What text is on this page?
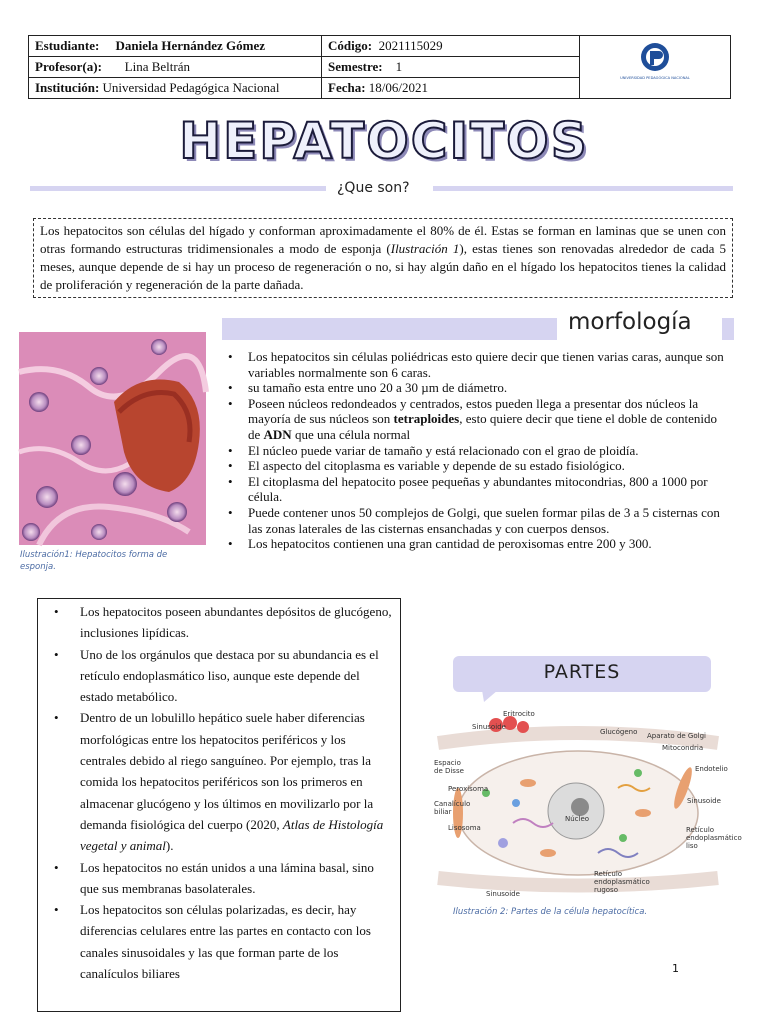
Estudiante: Daniela Hernández Gómez	Código: 2021115029	UNIVERSIDAD PEDAGÓGICA NACIONAL

Profesor(a): Lina Beltrán	Semestre: 1	
Institución: Universidad Pedagógica Nacional	Fecha: 18/06/2021	
HEPATOCITOS
¿Que son?
Los hepatocitos son células del hígado y conforman aproximadamente el 80% de él. Estas se forman en laminas que se unen con otras formando estructuras tridimensionales a modo de esponja (Ilustración 1), estas tienes son renovadas alrededor de cada 5 meses, aunque depende de si hay un proceso de regeneración o no, si hay algún daño en el hígado los hepatocitos tienes la calidad de proliferación y regeneración de la parte dañada.
Ilustración1: Hepatocitos forma de esponja.
morfología
• Los hepatocitos sin células poliédricas esto quiere decir que tienen varias caras, aunque son variables normalmente son 6 caras.
• su tamaño esta entre uno 20 a 30 µm de diámetro.
• Poseen núcleos redondeados y centrados, estos pueden llega a presentar dos núcleos la mayoría de sus núcleos son tetraploides, esto quiere decir que tiene el doble de contenido de ADN que una célula normal
• El núcleo puede variar de tamaño y está relacionado con el grao de ploidía.
• El aspecto del citoplasma es variable y depende de su estado fisiológico.
• El citoplasma del hepatocito posee pequeñas y abundantes mitocondrias, 800 a 1000 por célula.
• Puede contener unos 50 complejos de Golgi, que suelen formar pilas de 3 a 5 cisternas con las zonas laterales de las cisternas ensanchadas y con cuerpos densos.
• Los hepatocitos contienen una gran cantidad de peroxisomas entre 200 y 300.
• Los hepatocitos poseen abundantes depósitos de glucógeno, inclusiones lipídicas.
• Uno de los orgánulos que destaca por su abundancia es el retículo endoplasmático liso, aunque este depende del estado metabólico.
• Dentro de un lobulillo hepático suele haber diferencias morfológicas entre los hepatocitos periféricos y los centrales debido al riego sanguíneo. Por ejemplo, tras la comida los hepatocitos periféricos son los primeros en almacenar glucógeno y los últimos en movilizarlo por la demanda fisiológica del cuerpo (2020, Atlas de Histología vegetal y animal).
• Los hepatocitos no están unidos a una lámina basal, sino que sus membranas basolaterales.
• Los hepatocitos son células polarizadas, es decir, hay diferencias celulares entre las partes en contacto con los canales sinusoidales y las que forman parte de los canalículos biliares
PARTES
Eritrocito
Sinusoide
Glucógeno Aparato de Golgi
Mitocondria
Endotelio
Espacio
de Disse
Peroxisoma
Canalículo
biliar
Sinusoide
Núcleo
Lisosoma	Retículo
endoplasmático
liso
Retículo
endoplasmático
rugoso
Sinusoide
Ilustración 2: Partes de la célula hepatocítica.
1
